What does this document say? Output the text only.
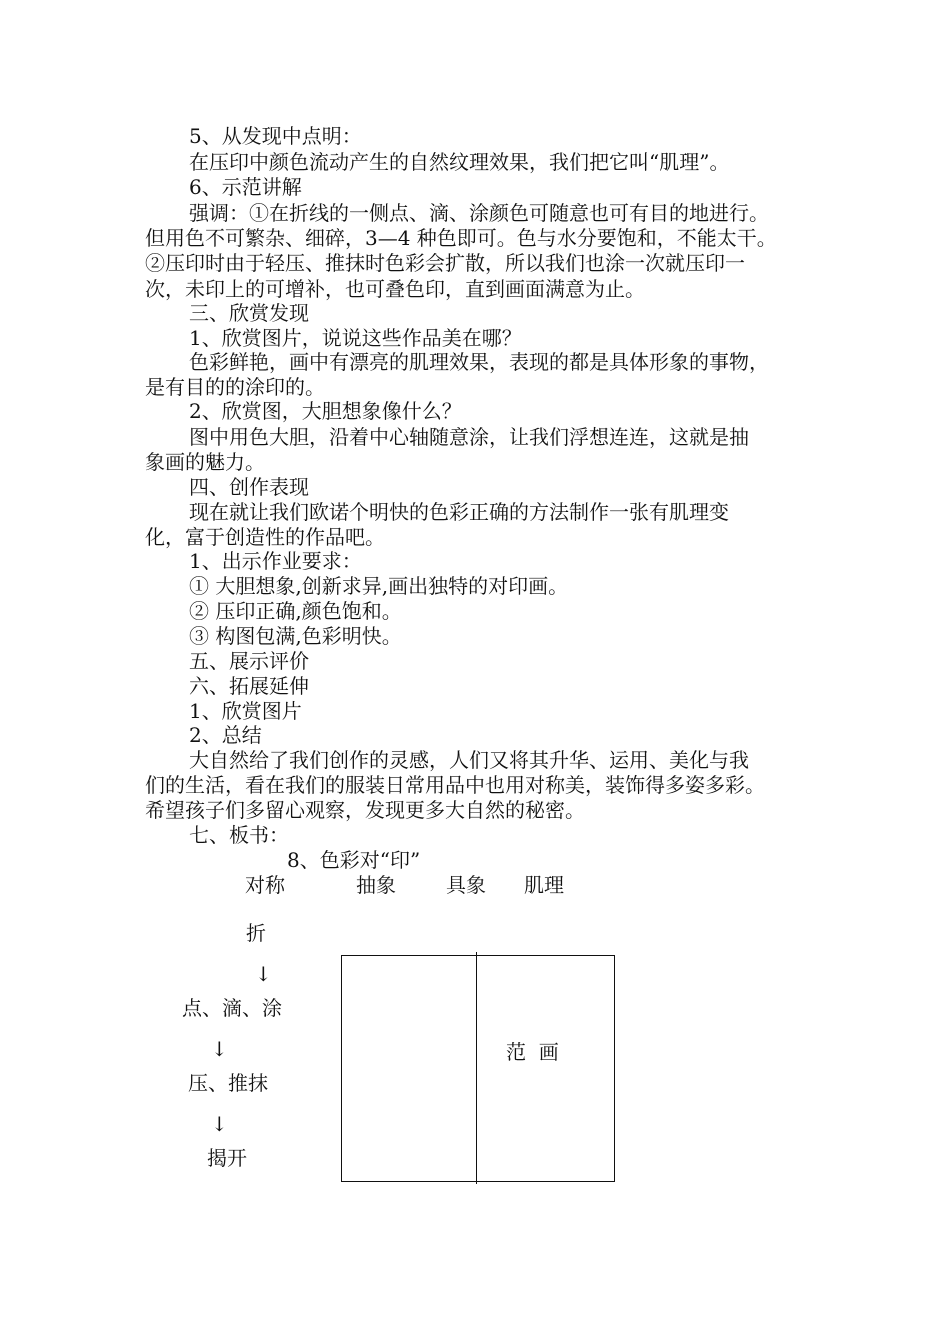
5、从发现中点明：
在压印中颜色流动产生的自然纹理效果，我们把它叫“肌理”。
6、示范讲解
强调：①在折线的一侧点、滴、涂颜色可随意也可有目的地进行。
但用色不可繁杂、细碎，3—4 种色即可。色与水分要饱和，不能太干。
②压印时由于轻压、推抹时色彩会扩散，所以我们也涂一次就压印一
次，未印上的可增补，也可叠色印，直到画面满意为止。
三、欣赏发现
1、欣赏图片，说说这些作品美在哪？
色彩鲜艳，画中有漂亮的肌理效果，表现的都是具体形象的事物，
是有目的的涂印的。
2、欣赏图，大胆想象像什么？
图中用色大胆，沿着中心轴随意涂，让我们浮想连连，这就是抽
象画的魅力。
四、创作表现
现在就让我们欧诺个明快的色彩正确的方法制作一张有肌理变
化，富于创造性的作品吧。
1、出示作业要求：
① 大胆想象,创新求异,画出独特的对印画。
② 压印正确,颜色饱和。
③ 构图包满,色彩明快。
五、展示评价
六、拓展延伸
1、欣赏图片
2、总结
大自然给了我们创作的灵感，人们又将其升华、运用、美化与我
们的生活，看在我们的服装日常用品中也用对称美，装饰得多姿多彩。
希望孩子们多留心观察，发现更多大自然的秘密。
七、板书：
8、色彩对“印”
对称	抽象	具象 肌理
折
↓
点、滴、涂
↓
压、推抹
↓
揭开
范  画
